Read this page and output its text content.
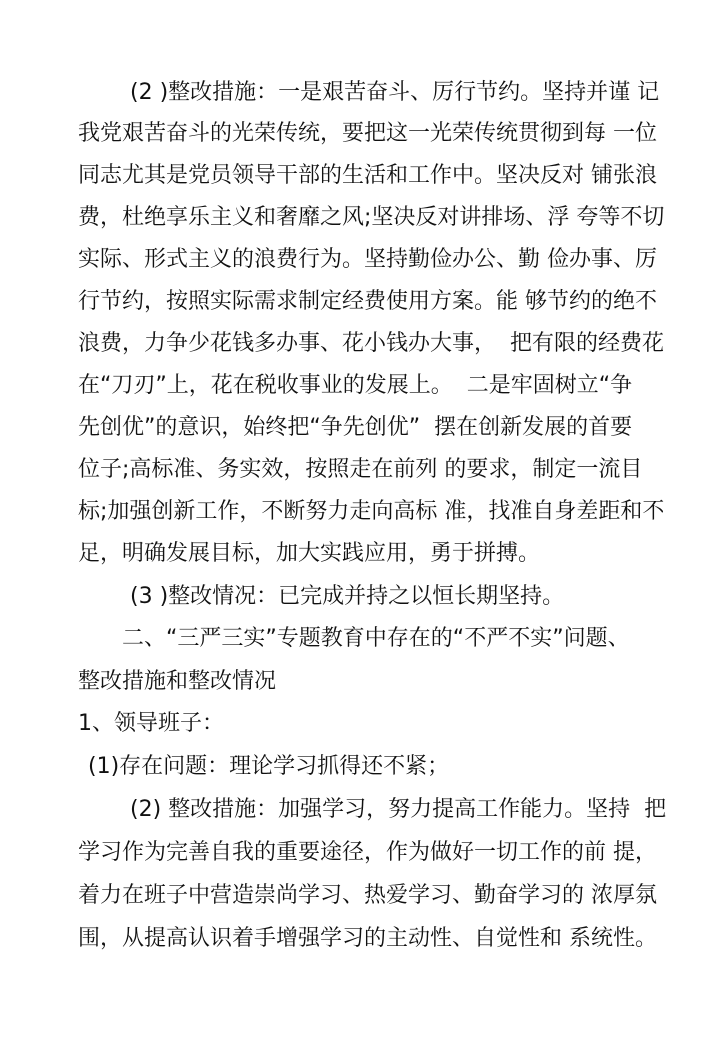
(2 )整改措施：一是艰苦奋斗、厉行节约。坚持并谨 记
我党艰苦奋斗的光荣传统，要把这一光荣传统贯彻到每 一位
同志尤其是党员领导干部的生活和工作中。坚决反对 铺张浪
费，杜绝享乐主义和奢靡之风;坚决反对讲排场、浮 夸等不切
实际、形式主义的浪费行为。坚持勤俭办公、勤 俭办事、厉
行节约，按照实际需求制定经费使用方案。能 够节约的绝不
浪费，力争少花钱多办事、花小钱办大事，  把有限的经费花
在“刀刃”上，花在税收事业的发展上。  二是牢固树立“争
先创优”的意识，始终把“争先创优”  摆在创新发展的首要
位子;高标准、务实效，按照走在前列 的要求，制定一流目
标;加强创新工作，不断努力走向高标 准，找准自身差距和不
足，明确发展目标，加大实践应用，勇于拼搏。
(3 )整改情况：已完成并持之以恒长期坚持。
二、“三严三实”专题教育中存在的“不严不实”问题、
整改措施和整改情况
1、领导班子：
(1)存在问题：理论学习抓得还不紧；
(2) 整改措施：加强学习，努力提高工作能力。坚持  把
学习作为完善自我的重要途径，作为做好一切工作的前 提，
着力在班子中营造崇尚学习、热爱学习、勤奋学习的 浓厚氛
围，从提高认识着手增强学习的主动性、自觉性和 系统性。
